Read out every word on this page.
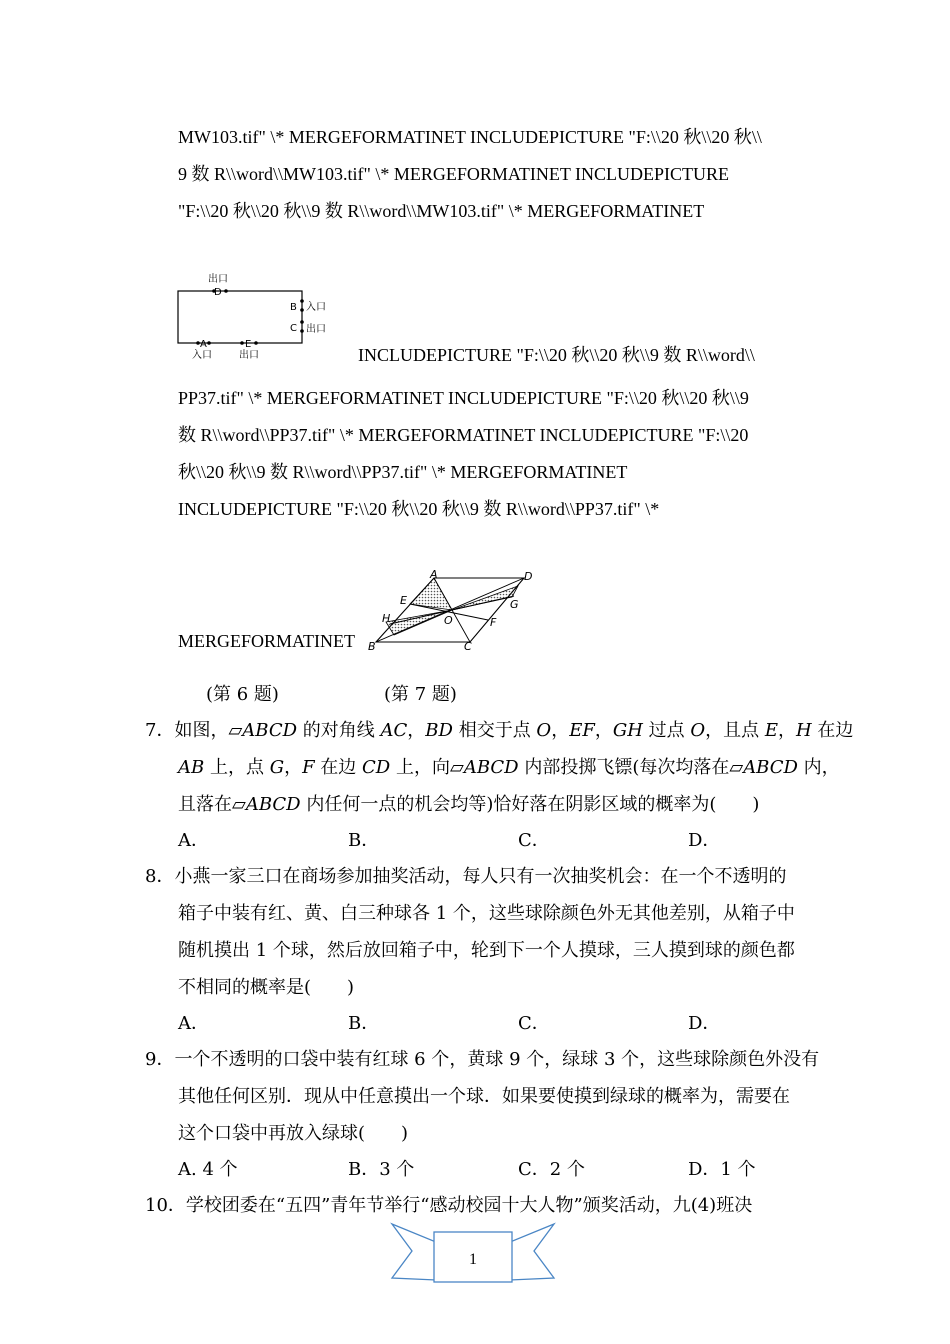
MW103.tif" \* MERGEFORMATINET INCLUDEPICTURE "F:\\20 秋\\20 秋\\
9 数 R\\word\\MW103.tif" \* MERGEFORMATINET INCLUDEPICTURE
"F:\\20 秋\\20 秋\\9 数 R\\word\\MW103.tif" \* MERGEFORMATINET
D
出口
B
C
入口
出口
A	E
入口	出口	INCLUDEPICTURE "F:\\20 秋\\20 秋\\9 数 R\\word\\
PP37.tif" \* MERGEFORMATINET INCLUDEPICTURE "F:\\20 秋\\20 秋\\9
数 R\\word\\PP37.tif" \* MERGEFORMATINET INCLUDEPICTURE "F:\\20
秋\\20 秋\\9 数 R\\word\\PP37.tif" \* MERGEFORMATINET
INCLUDEPICTURE "F:\\20 秋\\20 秋\\9 数 R\\word\\PP37.tif" \*
A	D
E	G
H	O	F
B	C
MERGEFORMATINET
(第 6 题)	(第 7 题)
7．如图，▱ABCD 的对角线 AC，BD 相交于点 O，EF，GH 过点 O，且点 E，H 在边
AB 上，点 G，F 在边 CD 上，向▱ABCD 内部投掷飞镖(每次均落在▱ABCD 内，
且落在▱ABCD 内任何一点的机会均等)恰好落在阴影区域的概率为(　　)
A．	B．	C．	D．
8．小燕一家三口在商场参加抽奖活动，每人只有一次抽奖机会：在一个不透明的
箱子中装有红、黄、白三种球各 1 个，这些球除颜色外无其他差别，从箱子中
随机摸出 1 个球，然后放回箱子中，轮到下一个人摸球，三人摸到球的颜色都
不相同的概率是(　　)
A．	B．	C．	D．
9．一个不透明的口袋中装有红球 6 个，黄球 9 个，绿球 3 个，这些球除颜色外没有
其他任何区别．现从中任意摸出一个球．如果要使摸到绿球的概率为，需要在
这个口袋中再放入绿球(　　)
A. 4 个	B．3 个	C．2 个	D．1 个
10．学校团委在“五四”青年节举行“感动校园十大人物”颁奖活动，九(4)班决
1
